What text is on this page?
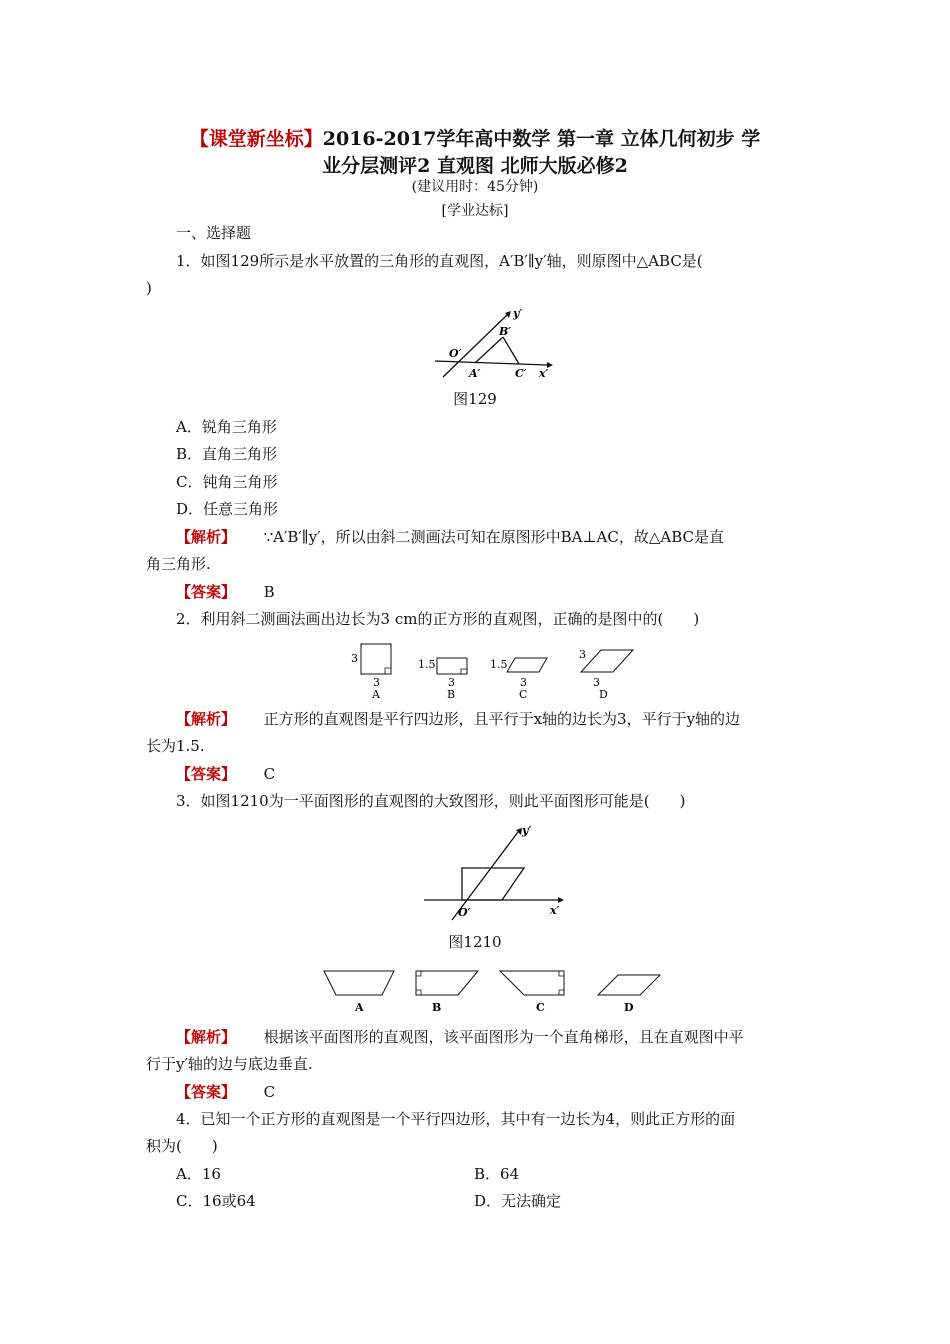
【课堂新坐标】2016-2017学年高中数学 第一章 立体几何初步 学
业分层测评2 直观图 北师大版必修2
(建议用时：45分钟)
[学业达标]
一、选择题
1．如图129所示是水平放置的三角形的直观图，A′B′∥y′轴，则原图中△ABC是(
)
y′
B′
O′
A′	C′ x′
图129
A．锐角三角形
B．直角三角形
C．钝角三角形
D．任意三角形
【解析】 ∵A′B′∥y′，所以由斜二测画法可知在原图形中BA⊥AC，故△ABC是直
角三角形.
【答案】 B
2．利用斜二测画法画出边长为3 cm的正方形的直观图，正确的是图中的(　　)
3
3
A
1.5
3
B
1.5
3
C
3
3
D
【解析】 正方形的直观图是平行四边形，且平行于x轴的边长为3，平行于y轴的边
长为1.5.
【答案】 C
3．如图1210为一平面图形的直观图的大致图形，则此平面图形可能是(　　)
y′
O′	x′
图1210
A	B	C	D
【解析】 根据该平面图形的直观图，该平面图形为一个直角梯形，且在直观图中平
行于y′轴的边与底边垂直.
【答案】 C
4．已知一个正方形的直观图是一个平行四边形，其中有一边长为4，则此正方形的面
积为(　　)
A．16	B．64
C．16或64	D．无法确定
